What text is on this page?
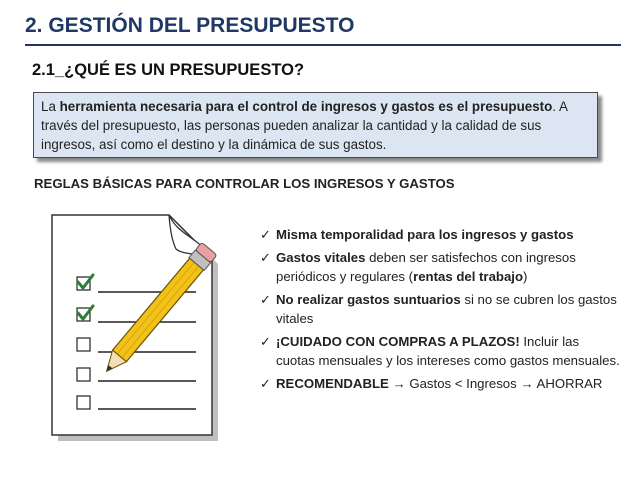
2. GESTIÓN DEL PRESUPUESTO
2.1_¿QUÉ ES UN PRESUPUESTO?
La herramienta necesaria para el control de ingresos y gastos es el presupuesto. A través del presupuesto, las personas pueden analizar la cantidad y la calidad de sus ingresos, así como el destino y la dinámica de sus gastos.
REGLAS BÁSICAS PARA CONTROLAR LOS INGRESOS Y GASTOS
✓ Misma temporalidad para los ingresos y gastos
✓ Gastos vitales deben ser satisfechos con ingresos periódicos y regulares (rentas del trabajo)
✓ No realizar gastos suntuarios si no se cubren los gastos vitales
✓ ¡CUIDADO CON COMPRAS A PLAZOS! Incluir las cuotas mensuales y los intereses como gastos mensuales.
✓ RECOMENDABLE → Gastos < Ingresos → AHORRAR
